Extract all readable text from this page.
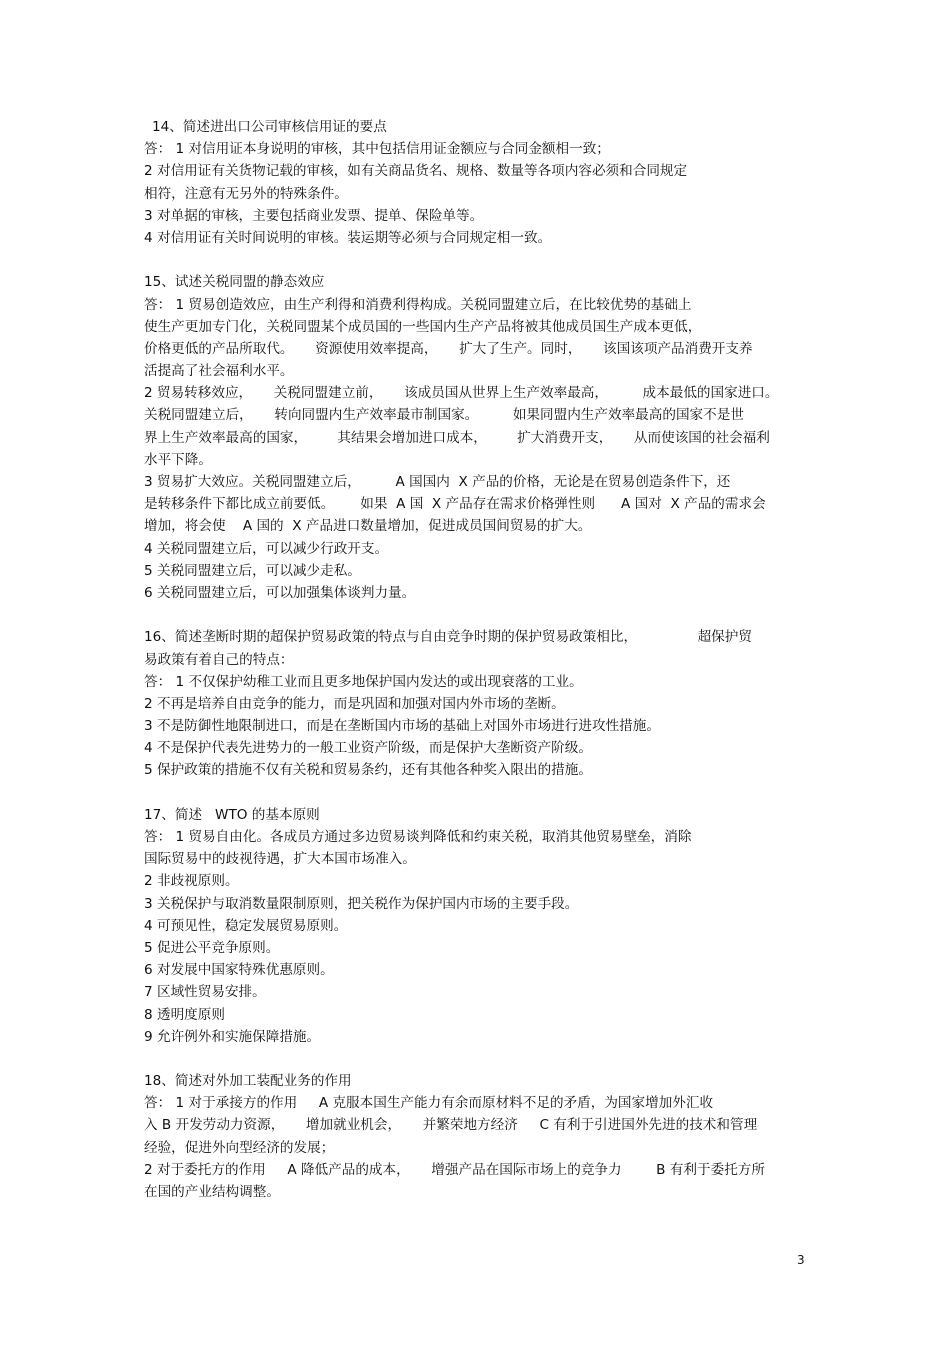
14、简述进出口公司审核信用证的要点
答： 1 对信用证本身说明的审核，其中包括信用证金额应与合同金额相一致；
2 对信用证有关货物记载的审核，如有关商品货名、规格、数量等各项内容必须和合同规定
相符，注意有无另外的特殊条件。
3 对单据的审核，主要包括商业发票、提单、保险单等。
4 对信用证有关时间说明的审核。装运期等必须与合同规定相一致。
15、试述关税同盟的静态效应
答： 1 贸易创造效应，由生产利得和消费利得构成。关税同盟建立后，在比较优势的基础上
使生产更加专门化，关税同盟某个成员国的一些国内生产产品将被其他成员国生产成本更低，
价格更低的产品所取代。     资源使用效率提高，     扩大了生产。同时，     该国该项产品消费开支养
活提高了社会福利水平。
2 贸易转移效应，     关税同盟建立前，     该成员国从世界上生产效率最高，        成本最低的国家进口。
关税同盟建立后，     转向同盟内生产效率最市制国家。        如果同盟内生产效率最高的国家不是世
界上生产效率最高的国家，       其结果会增加进口成本，       扩大消费开支，     从而使该国的社会福利
水平下降。
3 贸易扩大效应。关税同盟建立后，        A 国国内  X 产品的价格，无论是在贸易创造条件下，还
是转移条件下都比成立前要低。      如果  A 国  X 产品存在需求价格弹性则      A 国对  X 产品的需求会
增加，将会使    A 国的  X 产品进口数量增加，促进成员国间贸易的扩大。
4 关税同盟建立后，可以减少行政开支。
5 关税同盟建立后，可以减少走私。
6 关税同盟建立后，可以加强集体谈判力量。
16、简述垄断时期的超保护贸易政策的特点与自由竞争时期的保护贸易政策相比，              超保护贸
易政策有着自己的特点：
答： 1 不仅保护幼稚工业而且更多地保护国内发达的或出现衰落的工业。
2 不再是培养自由竞争的能力，而是巩固和加强对国内外市场的垄断。
3 不是防御性地限制进口，而是在垄断国内市场的基础上对国外市场进行进攻性措施。
4 不是保护代表先进势力的一般工业资产阶级，而是保护大垄断资产阶级。
5 保护政策的措施不仅有关税和贸易条约，还有其他各种奖入限出的措施。
17、简述   WTO 的基本原则
答： 1 贸易自由化。各成员方通过多边贸易谈判降低和约束关税，取消其他贸易壁垒，消除
国际贸易中的歧视待遇，扩大本国市场准入。
2 非歧视原则。
3 关税保护与取消数量限制原则，把关税作为保护国内市场的主要手段。
4 可预见性，稳定发展贸易原则。
5 促进公平竞争原则。
6 对发展中国家特殊优惠原则。
7 区域性贸易安排。
8 透明度原则
9 允许例外和实施保障措施。
18、简述对外加工装配业务的作用
答： 1 对于承接方的作用     A 克服本国生产能力有余而原材料不足的矛盾，为国家增加外汇收
入 B 开发劳动力资源，     增加就业机会，     并繁荣地方经济     C 有利于引进国外先进的技术和管理
经验，促进外向型经济的发展；
2 对于委托方的作用     A 降低产品的成本，     增强产品在国际市场上的竞争力        B 有利于委托方所
在国的产业结构调整。
3
